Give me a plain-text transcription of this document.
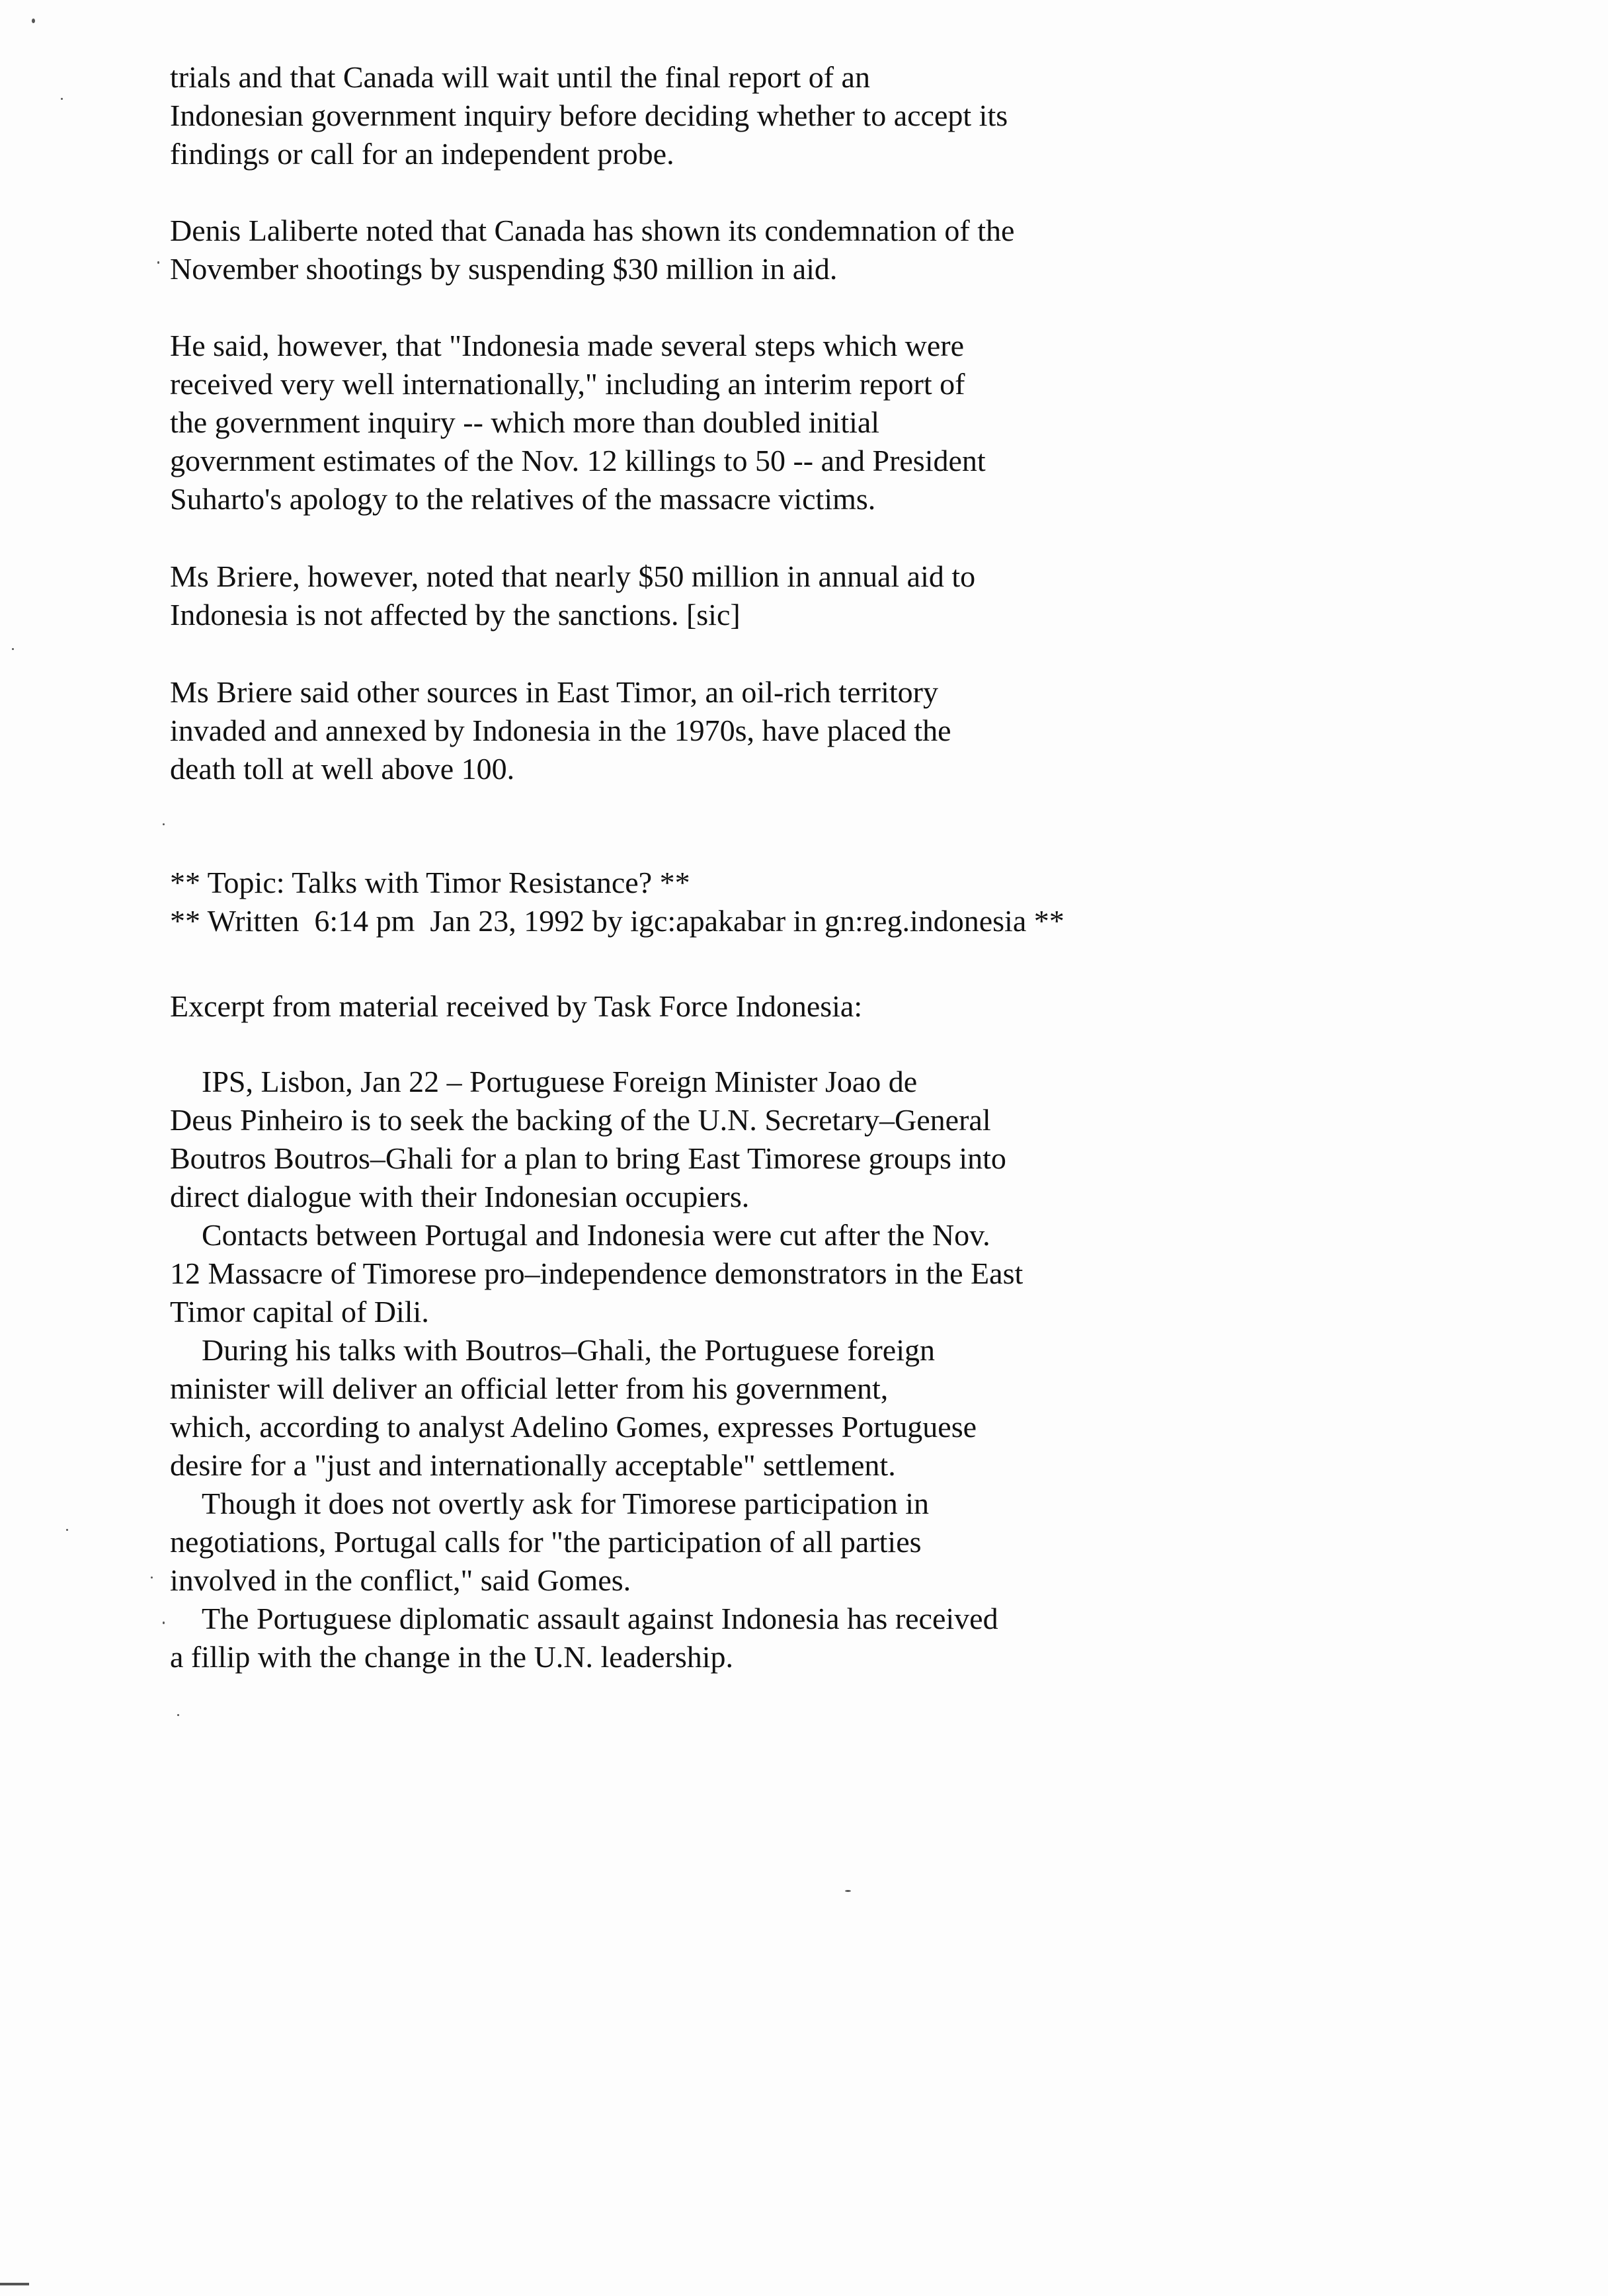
trials and that Canada will wait until the final report of an
Indonesian government inquiry before deciding whether to accept its
findings or call for an independent probe.
Denis Laliberte noted that Canada has shown its condemnation of the
November shootings by suspending $30 million in aid.
He said, however, that "Indonesia made several steps which were
received very well internationally," including an interim report of
the government inquiry -- which more than doubled initial
government estimates of the Nov. 12 killings to 50 -- and President
Suharto's apology to the relatives of the massacre victims.
Ms Briere, however, noted that nearly $50 million in annual aid to
Indonesia is not affected by the sanctions. [sic]
Ms Briere said other sources in East Timor, an oil-rich territory
invaded and annexed by Indonesia in the 1970s, have placed the
death toll at well above 100.
** Topic: Talks with Timor Resistance? **
** Written  6:14 pm  Jan 23, 1992 by igc:apakabar in gn:reg.indonesia **
Excerpt from material received by Task Force Indonesia:
IPS, Lisbon, Jan 22 – Portuguese Foreign Minister Joao de
Deus Pinheiro is to seek the backing of the U.N. Secretary–General
Boutros Boutros–Ghali for a plan to bring East Timorese groups into
direct dialogue with their Indonesian occupiers.
Contacts between Portugal and Indonesia were cut after the Nov.
12 Massacre of Timorese pro–independence demonstrators in the East
Timor capital of Dili.
During his talks with Boutros–Ghali, the Portuguese foreign
minister will deliver an official letter from his government,
which, according to analyst Adelino Gomes, expresses Portuguese
desire for a "just and internationally acceptable" settlement.
Though it does not overtly ask for Timorese participation in
negotiations, Portugal calls for "the participation of all parties
involved in the conflict," said Gomes.
The Portuguese diplomatic assault against Indonesia has received
a fillip with the change in the U.N. leadership.
